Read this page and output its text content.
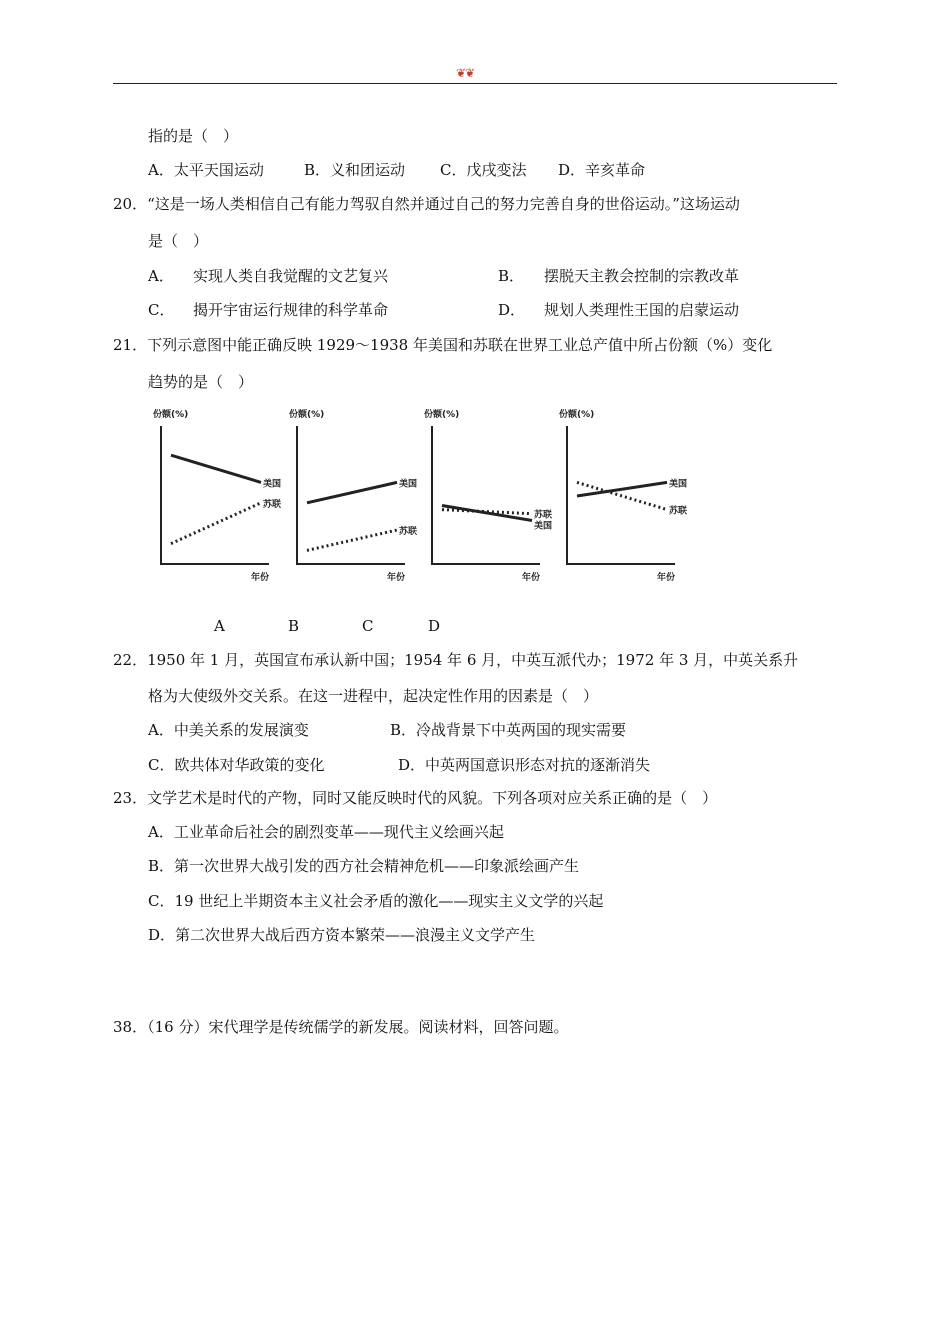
❦❦
指的是（　）
A．太平天国运动	B．义和团运动 C．戊戌变法 D．辛亥革命
20．“这是一场人类相信自己有能力驾驭自然并通过自己的努力完善自身的世俗运动。”这场运动
是（　）
A． 实现人类自我觉醒的文艺复兴	B． 摆脱天主教会控制的宗教改革
C． 揭开宇宙运行规律的科学革命	D． 规划人类理性王国的启蒙运动
21．下列示意图中能正确反映 1929～1938 年美国和苏联在世界工业总产值中所占份额（%）变化
趋势的是（　）
份额(%)
年份
美国
苏联
份额(%)
年份
美国
苏联
份额(%)
年份
苏联
美国
份额(%)
年份
美国
苏联
A	B	C	D
22．1950 年 1 月，英国宣布承认新中国；1954 年 6 月，中英互派代办；1972 年 3 月，中英关系升
格为大使级外交关系。在这一进程中，起决定性作用的因素是（　）
A．中美关系的发展演变	B．冷战背景下中英两国的现实需要
C．欧共体对华政策的变化	D．中英两国意识形态对抗的逐渐消失
23．文学艺术是时代的产物，同时又能反映时代的风貌。下列各项对应关系正确的是（　）
A．工业革命后社会的剧烈变革——现代主义绘画兴起
B．第一次世界大战引发的西方社会精神危机——印象派绘画产生
C．19 世纪上半期资本主义社会矛盾的激化——现实主义文学的兴起
D．第二次世界大战后西方资本繁荣——浪漫主义文学产生
38．（16 分）宋代理学是传统儒学的新发展。阅读材料，回答问题。
